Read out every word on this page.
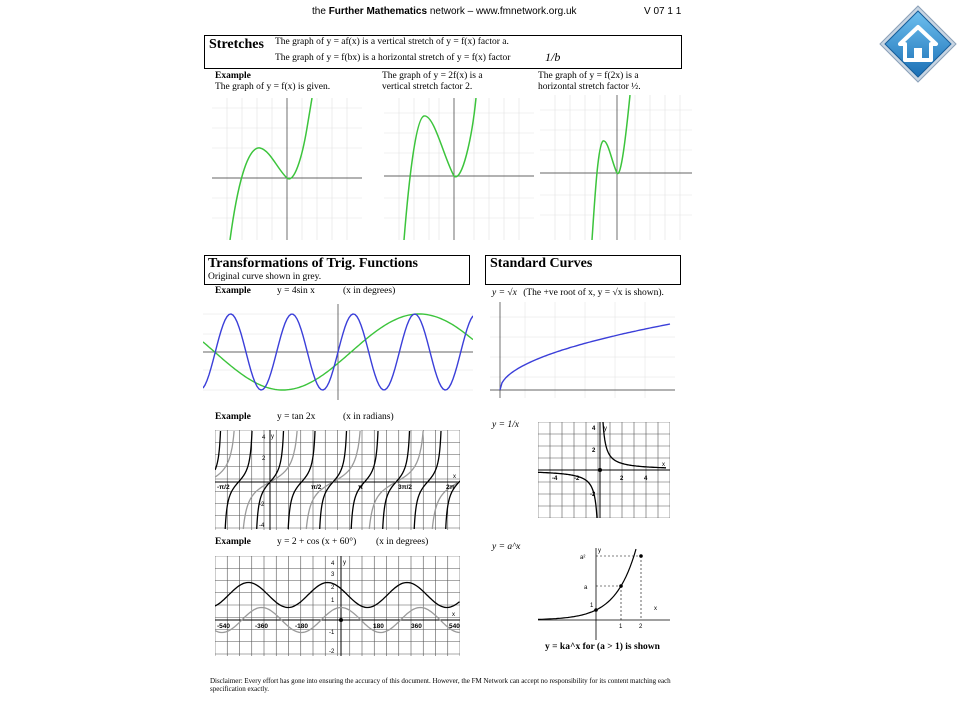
the Further Mathematics network – www.fmnetwork.org.uk	V 07 1 1
Stretches The graph of y = af(x) is a vertical stretch of y = f(x) factor a.
The graph of y = f(bx) is a horizontal stretch of y = f(x) factor	1/b
Example
The graph of y = f(x) is given.
The graph of y = 2f(x) is a vertical stretch factor 2.
The graph of y = f(2x) is a horizontal stretch factor ½.
Transformations of Trig. Functions
Original curve shown in grey.
Standard Curves
Example	y = 4sin x	(x in degrees)
Example	y = tan 2x	(x in radians)
y
x
4
2
-2
-4
-π/2	π/2	π	3π/2	2π
Example	y = 2 + cos (x + 60°) (x in degrees)
y
4
3
2
1
-1
-2
x
-540	-360	-180	180	360	540
y = √x (The +ve root of x, y = √x is shown).
y = 1/x	y
4
2
-2
x
-4	-2	2	4
y = a^x	y
a²
a
1
1	2
x
y = ka^x for (a > 1) is shown
Disclaimer: Every effort has gone into ensuring the accuracy of this document. However, the FM Network can accept no responsibility for its content matching each specification exactly.
